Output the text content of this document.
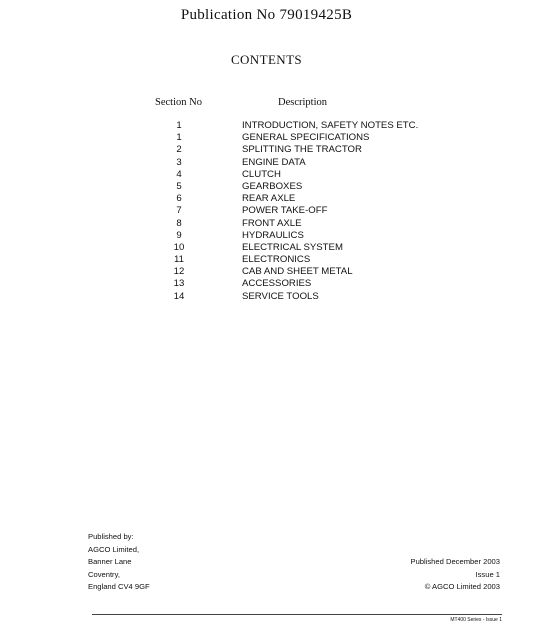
Publication No 79019425B
CONTENTS
Section No	Description
1	INTRODUCTION, SAFETY NOTES ETC.
1	GENERAL SPECIFICATIONS
2	SPLITTING THE TRACTOR
3	ENGINE DATA
4	CLUTCH
5	GEARBOXES
6	REAR AXLE
7	POWER TAKE-OFF
8	FRONT AXLE
9	HYDRAULICS
10	ELECTRICAL SYSTEM
11	ELECTRONICS
12	CAB AND SHEET METAL
13	ACCESSORIES
14	SERVICE TOOLS
Published by:
AGCO Limited,
Banner Lane
Coventry,
England CV4 9GF
Published December 2003
Issue 1
© AGCO Limited 2003
MT400 Series - Issue 1
